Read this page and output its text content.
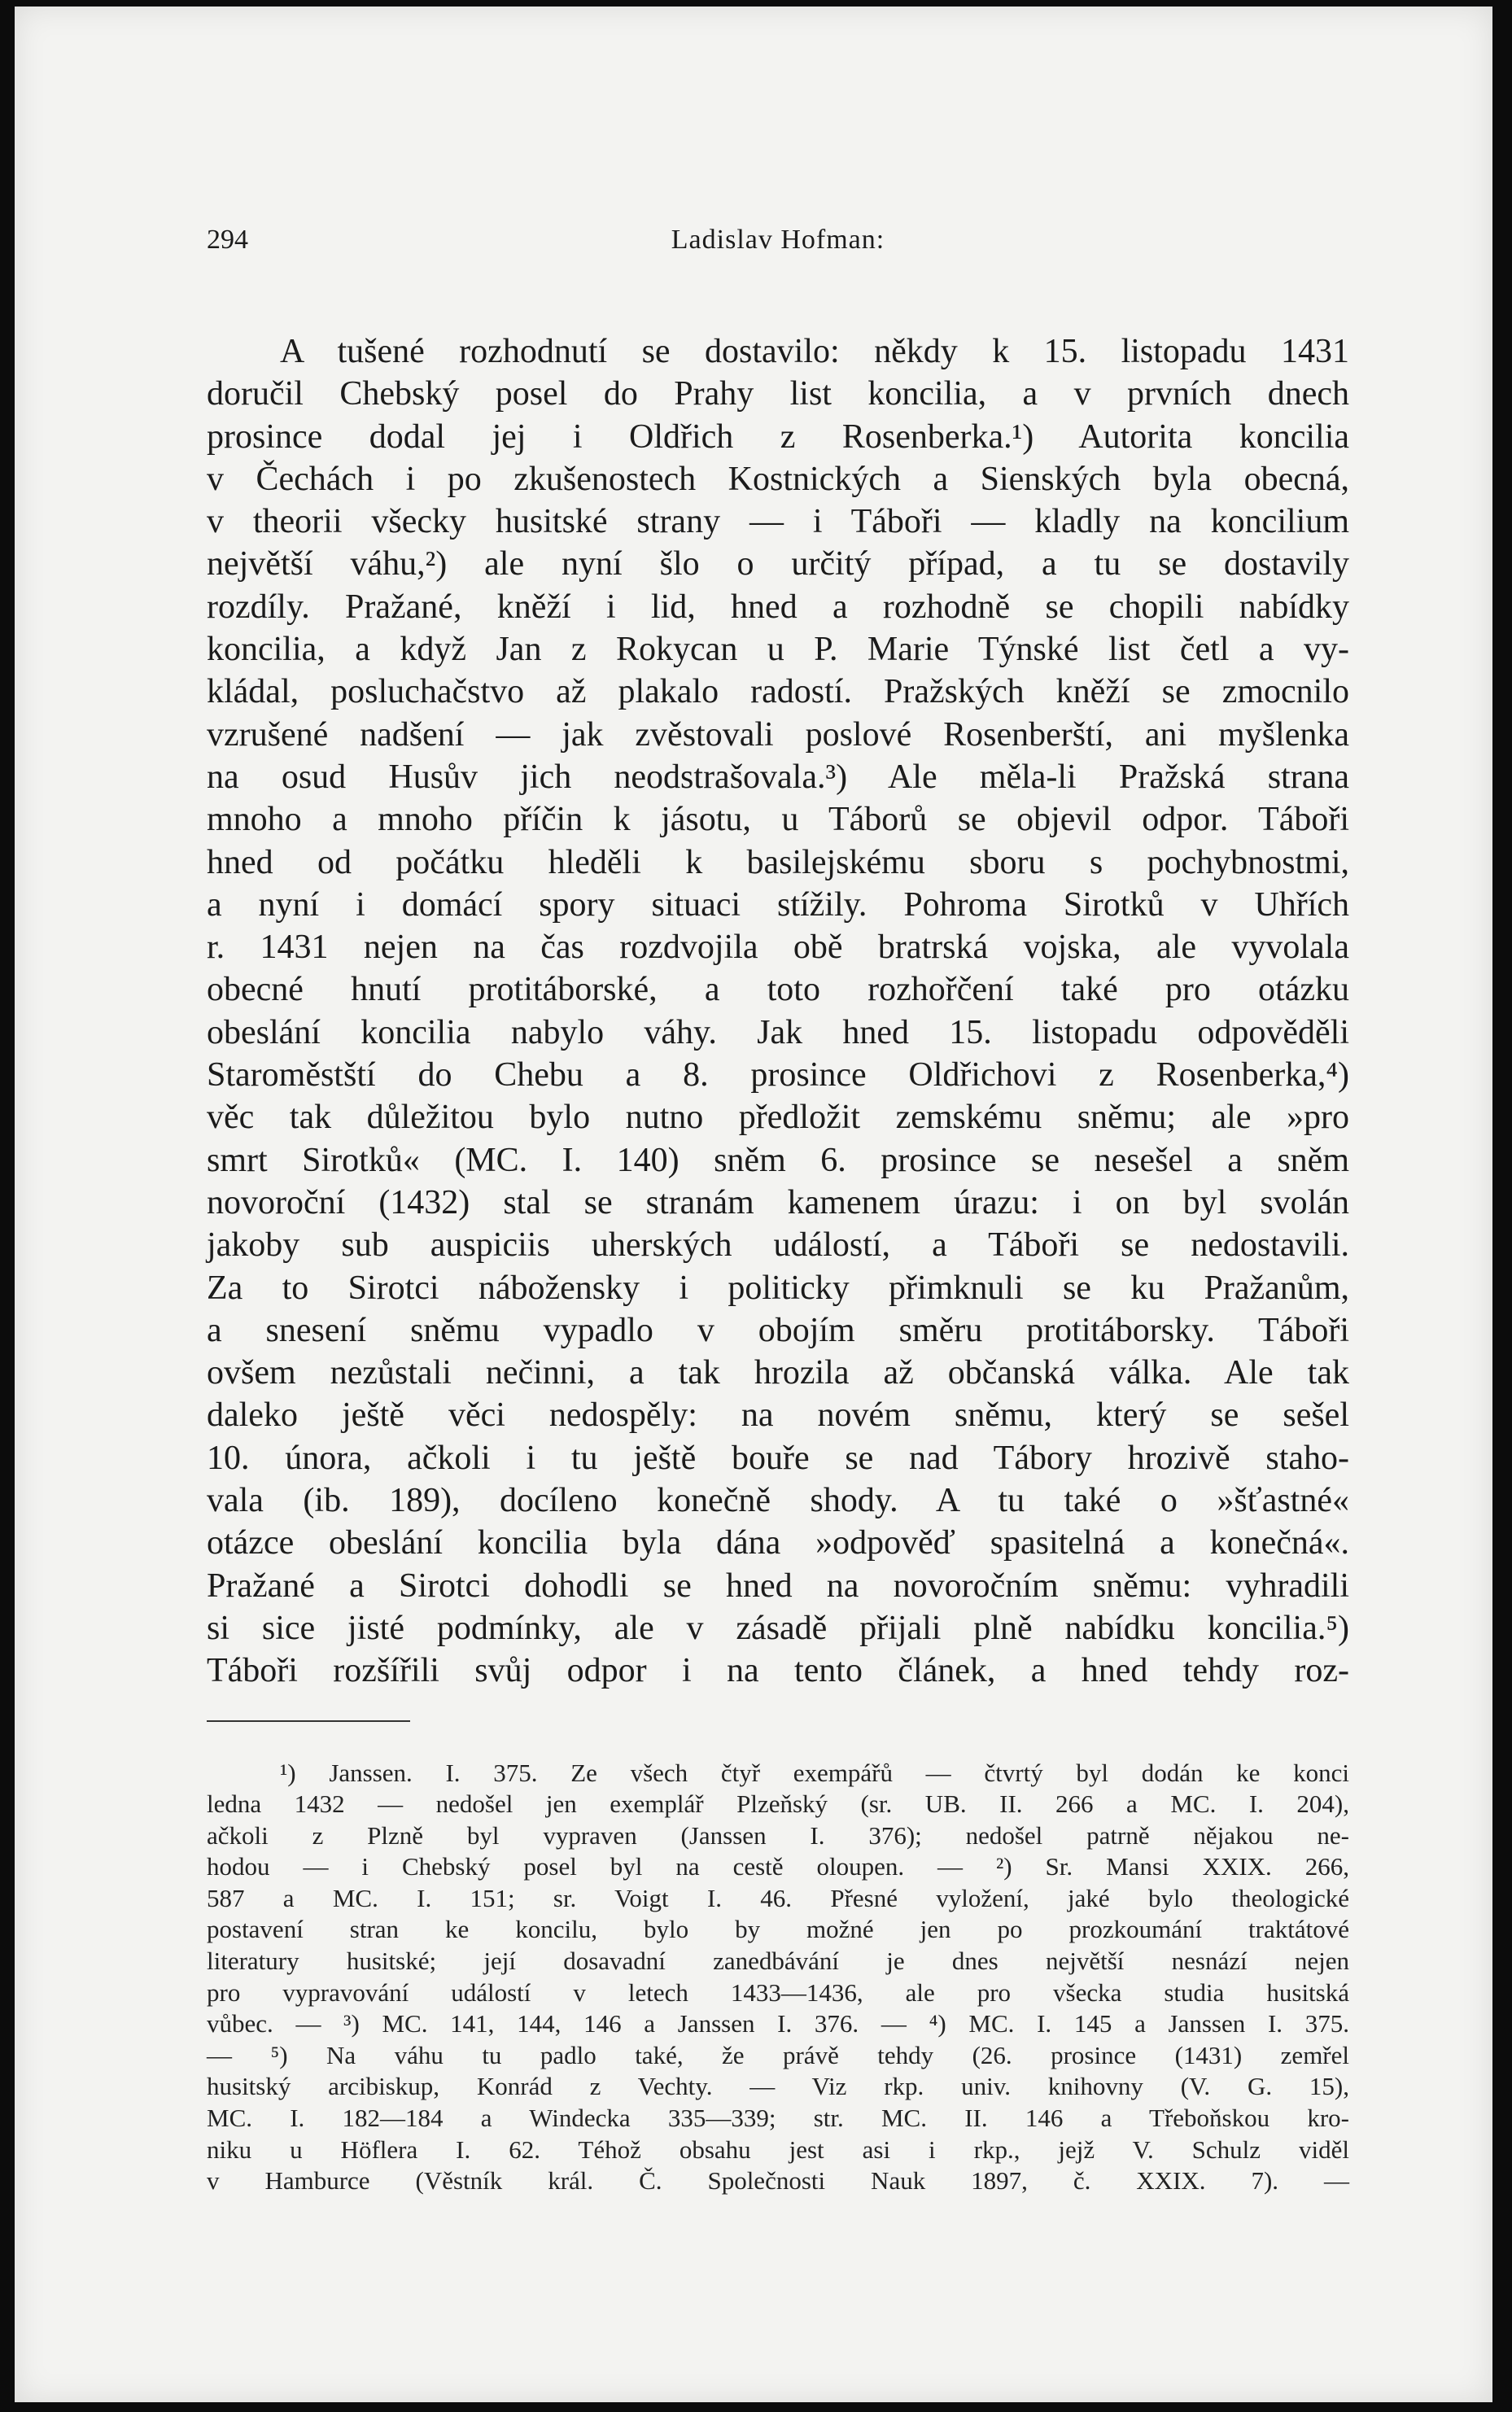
294	Ladislav Hofman:
A tušené rozhodnutí se dostavilo: někdy k 15. listopadu 1431
doručil Chebský posel do Prahy list koncilia, a v prvních dnech
prosince dodal jej i Oldřich z Rosenberka.¹) Autorita koncilia
v Čechách i po zkušenostech Kostnických a Sienských byla obecná,
v theorii všecky husitské strany — i Táboři — kladly na koncilium
největší váhu,²) ale nyní šlo o určitý případ, a tu se dostavily
rozdíly. Pražané, kněží i lid, hned a rozhodně se chopili nabídky
koncilia, a když Jan z Rokycan u P. Marie Týnské list četl a vy-
kládal, posluchačstvo až plakalo radostí. Pražských kněží se zmocnilo
vzrušené nadšení — jak zvěstovali poslové Rosenberští, ani myšlenka
na osud Husův jich neodstrašovala.³) Ale měla-li Pražská strana
mnoho a mnoho příčin k jásotu, u Táborů se objevil odpor. Táboři
hned od počátku hleděli k basilejskému sboru s pochybnostmi,
a nyní i domácí spory situaci stížily. Pohroma Sirotků v Uhřích
r. 1431 nejen na čas rozdvojila obě bratrská vojska, ale vyvolala
obecné hnutí protitáborské, a toto rozhořčení také pro otázku
obeslání koncilia nabylo váhy. Jak hned 15. listopadu odpověděli
Staroměstští do Chebu a 8. prosince Oldřichovi z Rosenberka,⁴)
věc tak důležitou bylo nutno předložit zemskému sněmu; ale »pro
smrt Sirotků« (MC. I. 140) sněm 6. prosince se nesešel a sněm
novoroční (1432) stal se stranám kamenem úrazu: i on byl svolán
jakoby sub auspiciis uherských událostí, a Táboři se nedostavili.
Za to Sirotci nábožensky i politicky přimknuli se ku Pražanům,
a snesení sněmu vypadlo v obojím směru protitáborsky. Táboři
ovšem nezůstali nečinni, a tak hrozila až občanská válka. Ale tak
daleko ještě věci nedospěly: na novém sněmu, který se sešel
10. února, ačkoli i tu ještě bouře se nad Tábory hrozivě staho-
vala (ib. 189), docíleno konečně shody. A tu také o »šťastné«
otázce obeslání koncilia byla dána »odpověď spasitelná a konečná«.
Pražané a Sirotci dohodli se hned na novoročním sněmu: vyhradili
si sice jisté podmínky, ale v zásadě přijali plně nabídku koncilia.⁵)
Táboři rozšířili svůj odpor i na tento článek, a hned tehdy roz-
¹) Janssen. I. 375. Ze všech čtyř exempářů — čtvrtý byl dodán ke konci
ledna 1432 — nedošel jen exemplář Plzeňský (sr. UB. II. 266 a MC. I. 204),
ačkoli z Plzně byl vypraven (Janssen I. 376); nedošel patrně nějakou ne-
hodou — i Chebský posel byl na cestě oloupen. — ²) Sr. Mansi XXIX. 266,
587 a MC. I. 151; sr. Voigt I. 46. Přesné vyložení, jaké bylo theologické
postavení stran ke koncilu, bylo by možné jen po prozkoumání traktátové
literatury husitské; její dosavadní zanedbávání je dnes největší nesnází nejen
pro vypravování událostí v letech 1433—1436, ale pro všecka studia husitská
vůbec. — ³) MC. 141, 144, 146 a Janssen I. 376. — ⁴) MC. I. 145 a Janssen I. 375.
— ⁵) Na váhu tu padlo také, že právě tehdy (26. prosince (1431) zemřel
husitský arcibiskup, Konrád z Vechty. — Viz rkp. univ. knihovny (V. G. 15),
MC. I. 182—184 a Windecka 335—339; str. MC. II. 146 a Třeboňskou kro-
niku u Höflera I. 62. Téhož obsahu jest asi i rkp., jejž V. Schulz viděl
v Hamburce (Věstník král. Č. Společnosti Nauk 1897, č. XXIX. 7). —
